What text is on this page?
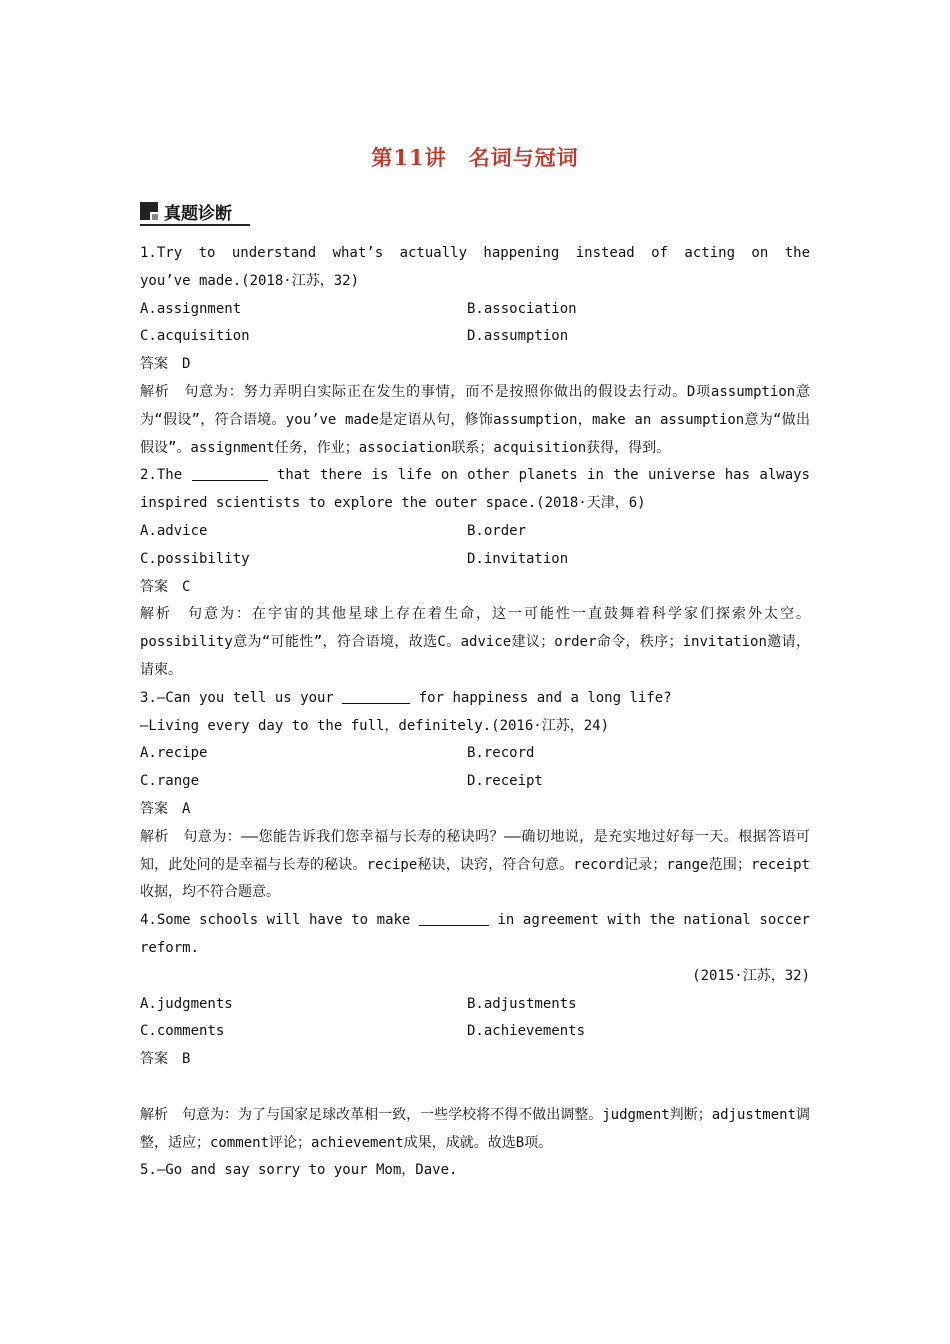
第11讲　名词与冠词
真题诊断
1.Try to understand what’s actually happening instead of acting on the
you’ve made.(2018·江苏，32)
A.assignment	B.association
C.acquisition	D.assumption
答案　D
解析　句意为：努力弄明白实际正在发生的事情，而不是按照你做出的假设去行动。D项assumption意为“假设”，符合语境。you’ve made是定语从句，修饰assumption，make an assumption意为“做出假设”。assignment任务，作业；association联系；acquisition获得，得到。
2.The	that there is life on other planets in the universe has always
inspired scientists to explore the outer space.(2018·天津，6)
A.advice	B.order
C.possibility	D.invitation
答案　C
解析　句意为：在宇宙的其他星球上存在着生命，这一可能性一直鼓舞着科学家们探索外太空。possibility意为“可能性”，符合语境，故选C。advice建议；order命令，秩序；invitation邀请，请柬。
3.—Can you tell us your	for happiness and a long life?
—Living every day to the full，definitely.(2016·江苏，24)
A.recipe	B.record
C.range	D.receipt
答案　A
解析　句意为：——您能告诉我们您幸福与长寿的秘诀吗？——确切地说，是充实地过好每一天。根据答语可知，此处问的是幸福与长寿的秘诀。recipe秘诀，诀窍，符合句意。record记录；range范围；receipt收据，均不符合题意。
4.Some schools will have to make	in agreement with the national soccer
reform.
(2015·江苏，32)
A.judgments	B.adjustments
C.comments	D.achievements
答案　B
解析　句意为：为了与国家足球改革相一致，一些学校将不得不做出调整。judgment判断；adjustment调整，适应；comment评论；achievement成果，成就。故选B项。
5.—Go and say sorry to your Mom，Dave.
